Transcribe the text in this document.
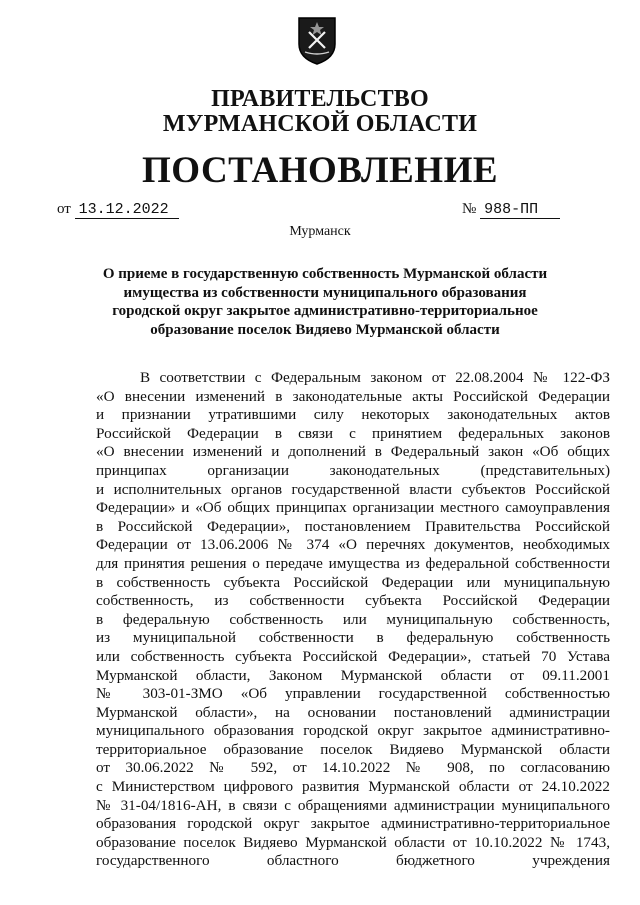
ПРАВИТЕЛЬСТВО
МУРМАНСКОЙ ОБЛАСТИ
ПОСТАНОВЛЕНИЕ
от 13.12.2022	№ 988-ПП
Мурманск
О приеме в государственную собственность Мурманской области имущества из собственности муниципального образования городской округ закрытое административно-территориальное образование поселок Видяево Мурманской области
В соответствии с Федеральным законом от 22.08.2004 № 122-ФЗ
«О внесении изменений в законодательные акты Российской Федерации
и признании утратившими силу некоторых законодательных актов
Российской Федерации в связи с принятием федеральных законов
«О внесении изменений и дополнений в Федеральный закон «Об общих
принципах организации законодательных (представительных)
и исполнительных органов государственной власти субъектов Российской
Федерации» и «Об общих принципах организации местного самоуправления
в Российской Федерации», постановлением Правительства Российской
Федерации от 13.06.2006 № 374 «О перечнях документов, необходимых
для принятия решения о передаче имущества из федеральной собственности
в собственность субъекта Российской Федерации или муниципальную
собственность, из собственности субъекта Российской Федерации
в федеральную собственность или муниципальную собственность,
из муниципальной собственности в федеральную собственность
или собственность субъекта Российской Федерации», статьей 70 Устава
Мурманской области, Законом Мурманской области от 09.11.2001
№ 303-01-ЗМО «Об управлении государственной собственностью
Мурманской области», на основании постановлений администрации
муниципального образования городской округ закрытое административно-
территориальное образование поселок Видяево Мурманской области
от 30.06.2022 № 592, от 14.10.2022 № 908, по согласованию
с Министерством цифрового развития Мурманской области от 24.10.2022
№ 31-04/1816-АН, в связи с обращениями администрации муниципального
образования городской округ закрытое административно-территориальное
образование поселок Видяево Мурманской области от 10.10.2022 № 1743,
государственного областного бюджетного учреждения
